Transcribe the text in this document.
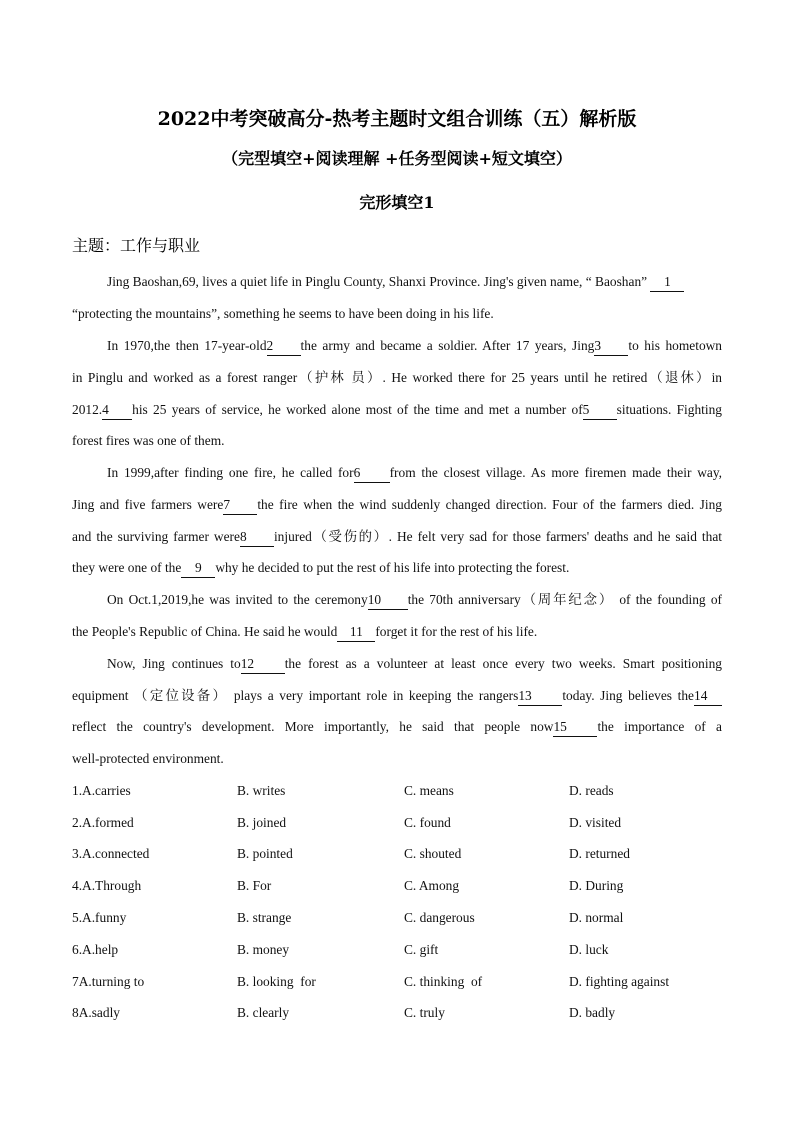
2022中考突破高分-热考主题时文组合训练（五）解析版
（完型填空+阅读理解 +任务型阅读+短文填空）
完形填空1
主题：工作与职业
Jing Baoshan,69, lives a quiet life in Pinglu County, Shanxi Province. Jing's given name, “ Baoshan” 1
“protecting the mountains”, something he seems to have been doing in his life.
In 1970,the then 17-year-old2 the army and became a soldier. After 17 years, Jing3 to his hometown
in Pinglu and worked as a forest ranger（护林 员）. He worked there for 25 years until he retired（退休）in
2012.4 his 25 years of service, he worked alone most of the time and met a number of5 situations. Fighting
forest fires was one of them.
In 1999,after finding one fire, he called for6 from the closest village. As more firemen made their way,
Jing and five farmers were7 the fire when the wind suddenly changed direction. Four of the farmers died. Jing
and the surviving farmer were8 injured（受伤的）. He felt very sad for those farmers' deaths and he said that
they were one of the 9 why he decided to put the rest of his life into protecting the forest.
On Oct.1,2019,he was invited to the ceremony10 the 70th anniversary（周年纪念） of the founding of
the People's Republic of China. He said he would 11 forget it for the rest of his life.
Now, Jing continues to12 the forest as a volunteer at least once every two weeks. Smart positioning
equipment （定位设备） plays a very important role in keeping the rangers13 today. Jing believes the14
reflect the country's development. More importantly, he said that people now15 the importance of a
well-protected environment.
1.A.carries	B. writes	C. means	D. reads
2.A.formed	B. joined	C. found	D. visited
3.A.connected	B. pointed	C. shouted	D. returned
4.A.Through	B. For	C. Among	D. During
5.A.funny	B. strange	C. dangerous	D. normal
6.A.help	B. money	C. gift	D. luck
7A.turning to	B. looking  for	C. thinking  of	D. fighting against
8A.sadly	B. clearly	C. truly	D. badly
